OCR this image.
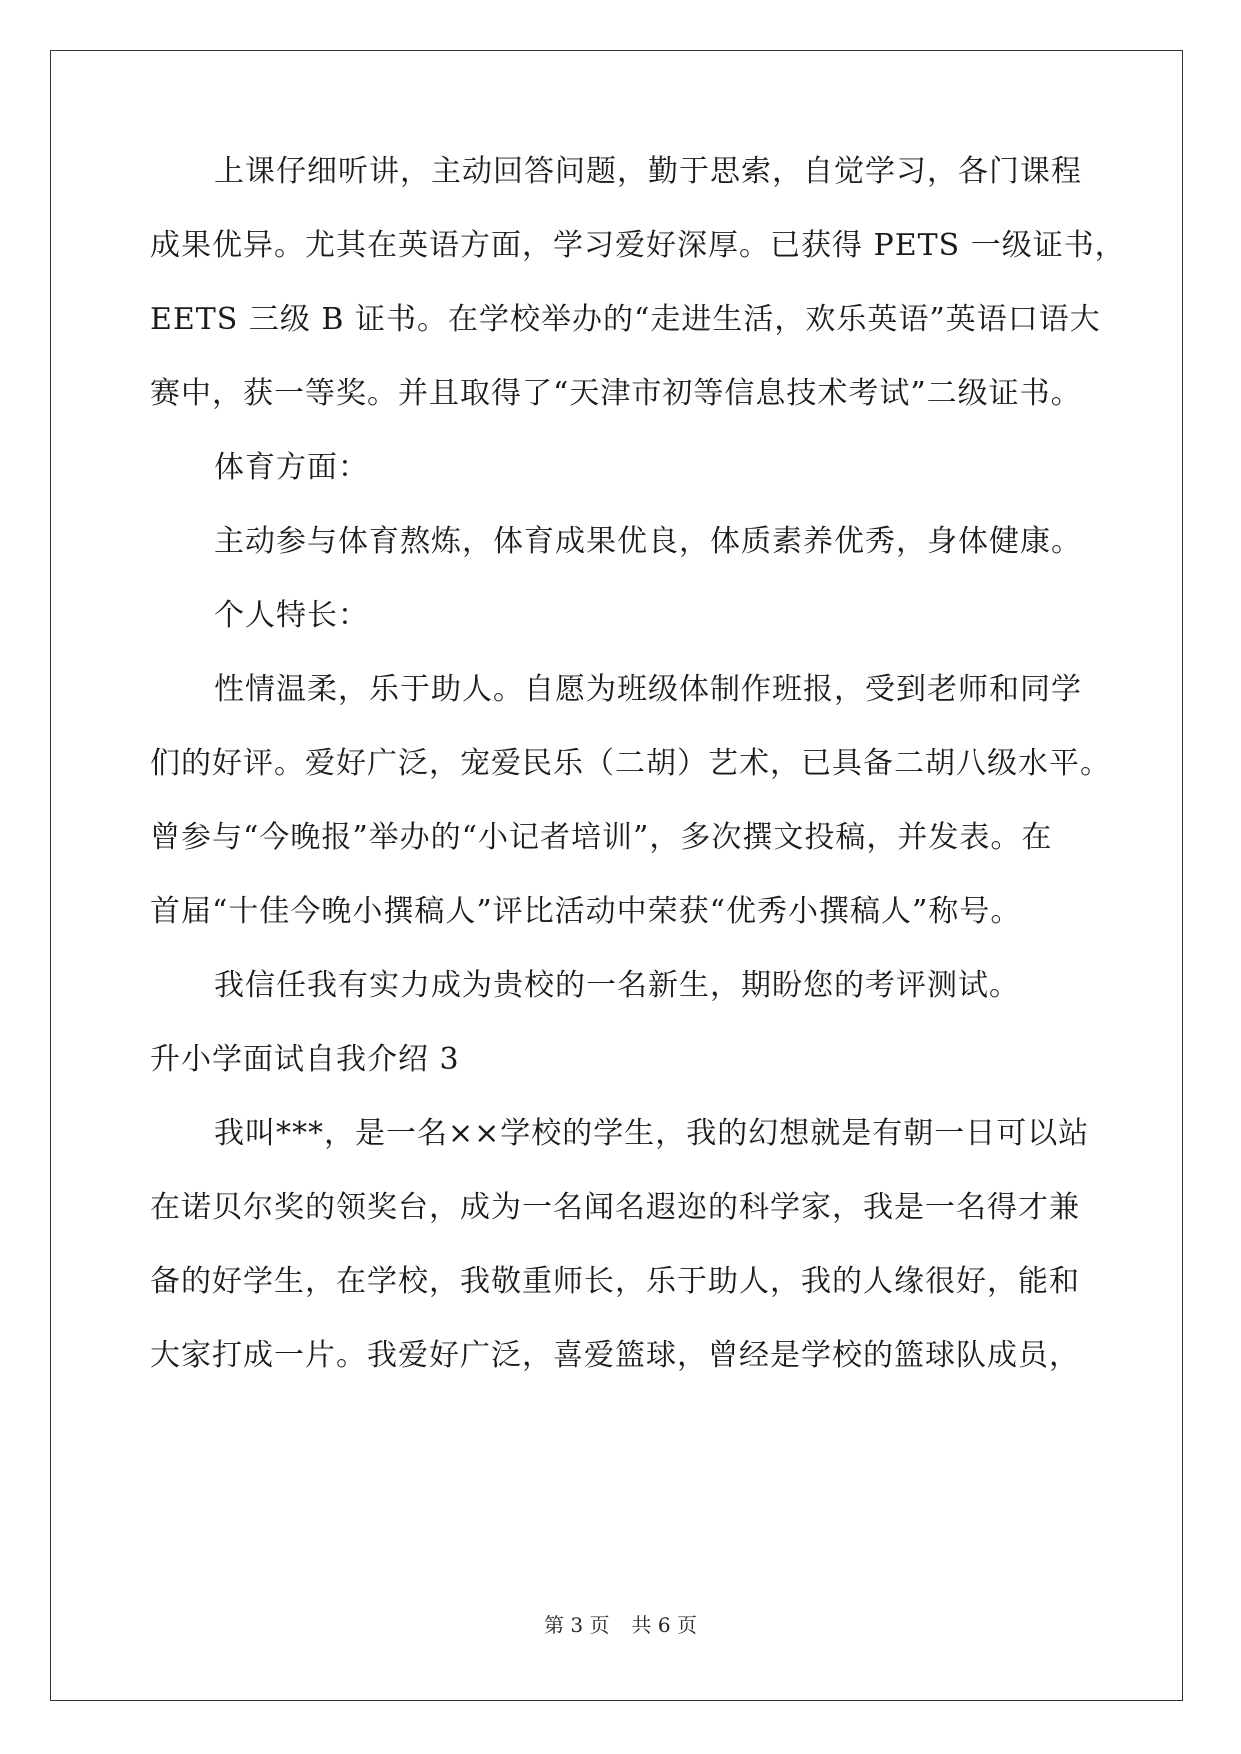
上课仔细听讲，主动回答问题，勤于思索，自觉学习，各门课程
成果优异。尤其在英语方面，学习爱好深厚。已获得 PETS 一级证书，
EETS 三级 B 证书。在学校举办的“走进生活，欢乐英语”英语口语大
赛中，获一等奖。并且取得了“天津市初等信息技术考试”二级证书。
体育方面：
主动参与体育熬炼，体育成果优良，体质素养优秀，身体健康。
个人特长：
性情温柔，乐于助人。自愿为班级体制作班报，受到老师和同学
们的好评。爱好广泛，宠爱民乐（二胡）艺术，已具备二胡八级水平。
曾参与“今晚报”举办的“小记者培训”，多次撰文投稿，并发表。在
首届“十佳今晚小撰稿人”评比活动中荣获“优秀小撰稿人”称号。
我信任我有实力成为贵校的一名新生，期盼您的考评测试。
升小学面试自我介绍 3
我叫***，是一名××学校的学生，我的幻想就是有朝一日可以站
在诺贝尔奖的领奖台，成为一名闻名遐迩的科学家，我是一名得才兼
备的好学生，在学校，我敬重师长，乐于助人，我的人缘很好，能和
大家打成一片。我爱好广泛，喜爱篮球，曾经是学校的篮球队成员，
第 3 页 共 6 页
